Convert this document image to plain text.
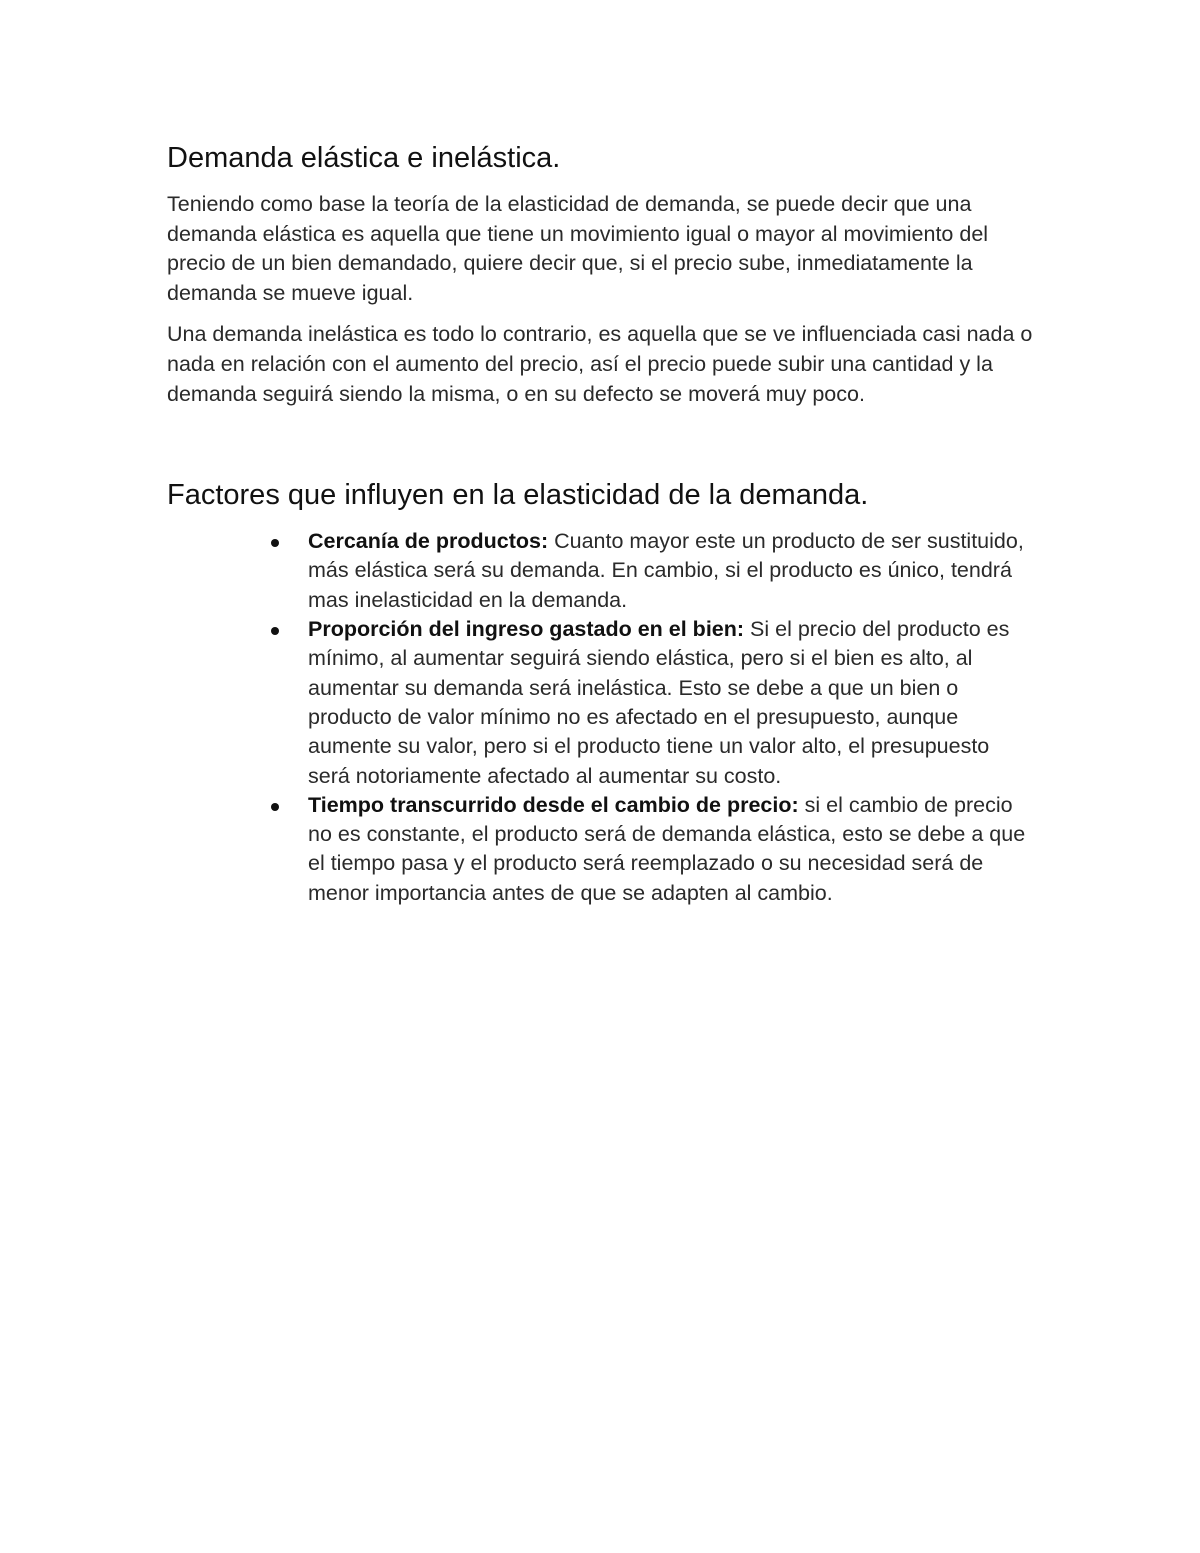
Demanda elástica e inelástica.

Teniendo como base la teoría de la elasticidad de demanda, se puede decir que una demanda elástica es aquella que tiene un movimiento igual o mayor al movimiento del precio de un bien demandado, quiere decir que, si el precio sube, inmediatamente la demanda se mueve igual.

Una demanda inelástica es todo lo contrario, es aquella que se ve influenciada casi nada o nada en relación con el aumento del precio, así el precio puede subir una cantidad y la demanda seguirá siendo la misma, o en su defecto se moverá muy poco.

Factores que influyen en la elasticidad de la demanda.
Cercanía de productos: Cuanto mayor este un producto de ser sustituido, más elástica será su demanda. En cambio, si el producto es único, tendrá mas inelasticidad en la demanda.
Proporción del ingreso gastado en el bien: Si el precio del producto es mínimo, al aumentar seguirá siendo elástica, pero si el bien es alto, al aumentar su demanda será inelástica. Esto se debe a que un bien o producto de valor mínimo no es afectado en el presupuesto, aunque aumente su valor, pero si el producto tiene un valor alto, el presupuesto será notoriamente afectado al aumentar su costo.
Tiempo transcurrido desde el cambio de precio: si el cambio de precio no es constante, el producto será de demanda elástica, esto se debe a que el tiempo pasa y el producto será reemplazado o su necesidad será de menor importancia antes de que se adapten al cambio.
